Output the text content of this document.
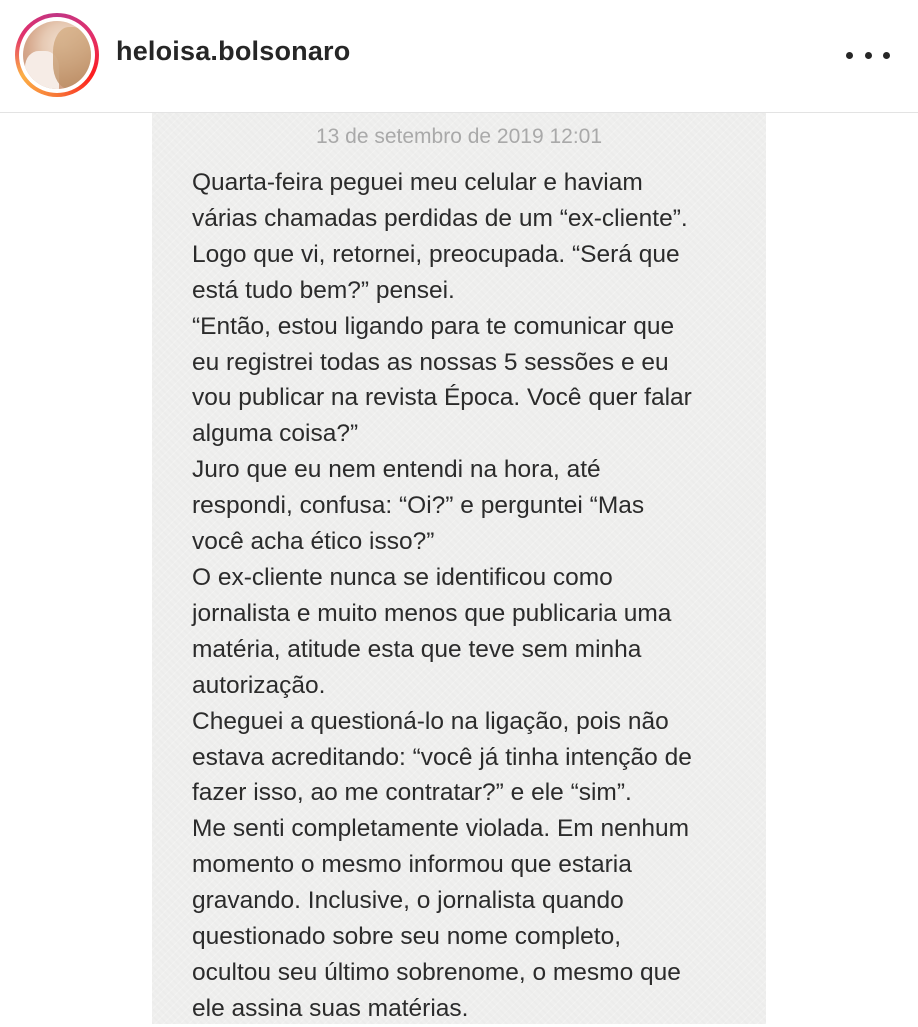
heloisa.bolsonaro
13 de setembro de 2019 12:01
Quarta-feira peguei meu celular e haviam
várias chamadas perdidas de um “ex-cliente”.
Logo que vi, retornei, preocupada. “Será que
está tudo bem?” pensei.
“Então, estou ligando para te comunicar que
eu registrei todas as nossas 5 sessões e eu
vou publicar na revista Época. Você quer falar
alguma coisa?”
Juro que eu nem entendi na hora, até
respondi, confusa: “Oi?” e perguntei “Mas
você acha ético isso?”
O ex-cliente nunca se identificou como
jornalista e muito menos que publicaria uma
matéria, atitude esta que teve sem minha
autorização.
Cheguei a questioná-lo na ligação, pois não
estava acreditando: “você já tinha intenção de
fazer isso, ao me contratar?” e ele “sim”.
Me senti completamente violada. Em nenhum
momento o mesmo informou que estaria
gravando. Inclusive, o jornalista quando
questionado sobre seu nome completo,
ocultou seu último sobrenome, o mesmo que
ele assina suas matérias.
